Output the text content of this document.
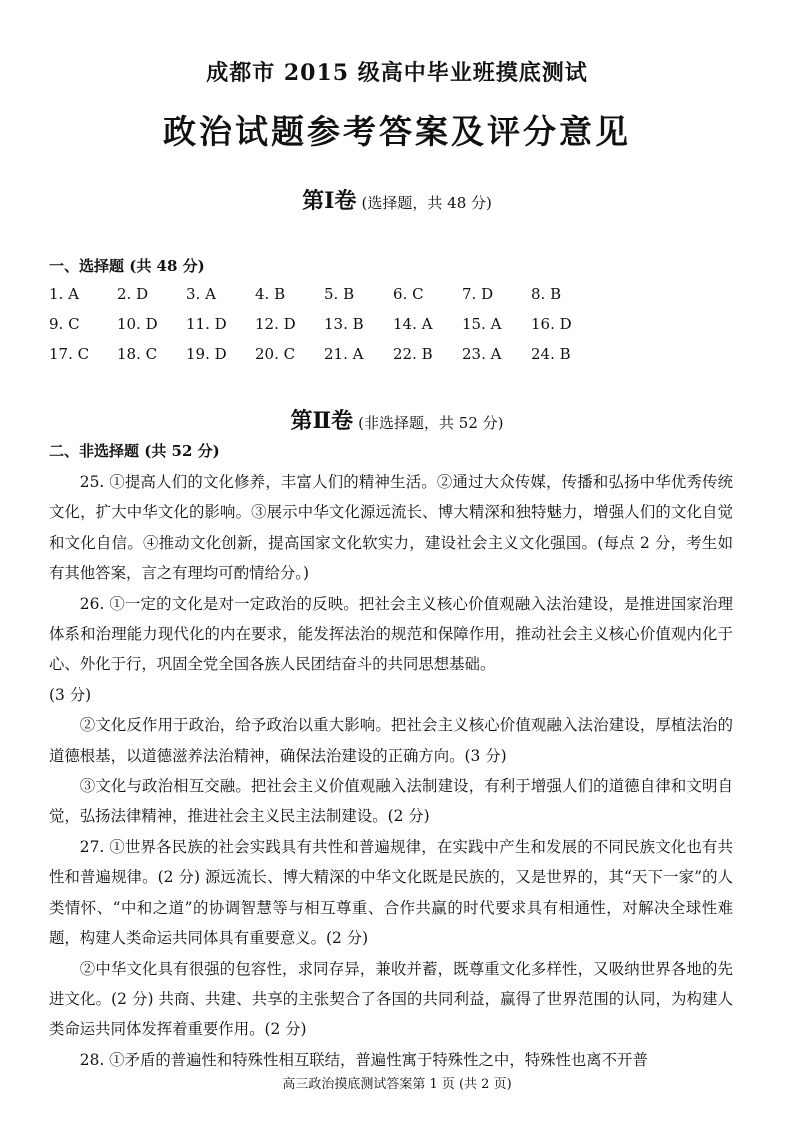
成都市 2015 级高中毕业班摸底测试
政治试题参考答案及评分意见
第Ⅰ卷 (选择题，共 48 分)
一、选择题 (共 48 分)
1. A	2. D	3. A	4. B	5. B	6. C	7. D	8. B
9. C 10. D 11. D 12. D 13. B 14. A 15. A 16. D
17. C 18. C 19. D 20. C 21. A 22. B 23. A 24. B
第Ⅱ卷 (非选择题，共 52 分)
二、非选择题 (共 52 分)

25. ①提高人们的文化修养，丰富人们的精神生活。②通过大众传媒，传播和弘扬中华优秀传统文化，扩大中华文化的影响。③展示中华文化源远流长、博大精深和独特魅力，增强人们的文化自觉和文化自信。④推动文化创新，提高国家文化软实力，建设社会主义文化强国。(每点 2 分，考生如有其他答案，言之有理均可酌情给分。)

26. ①一定的文化是对一定政治的反映。把社会主义核心价值观融入法治建设，是推进国家治理体系和治理能力现代化的内在要求，能发挥法治的规范和保障作用，推动社会主义核心价值观内化于心、外化于行，巩固全党全国各族人民团结奋斗的共同思想基础。

(3 分)

②文化反作用于政治，给予政治以重大影响。把社会主义核心价值观融入法治建设，厚植法治的道德根基，以道德滋养法治精神，确保法治建设的正确方向。(3 分)

③文化与政治相互交融。把社会主义价值观融入法制建设，有利于增强人们的道德自律和文明自觉，弘扬法律精神，推进社会主义民主法制建设。(2 分)

27. ①世界各民族的社会实践具有共性和普遍规律，在实践中产生和发展的不同民族文化也有共性和普遍规律。(2 分) 源远流长、博大精深的中华文化既是民族的，又是世界的，其“天下一家”的人类情怀、“中和之道”的协调智慧等与相互尊重、合作共赢的时代要求具有相通性，对解决全球性难题，构建人类命运共同体具有重要意义。(2 分)

②中华文化具有很强的包容性，求同存异，兼收并蓄，既尊重文化多样性，又吸纳世界各地的先进文化。(2 分) 共商、共建、共享的主张契合了各国的共同利益，赢得了世界范围的认同，为构建人类命运共同体发挥着重要作用。(2 分)

28. ①矛盾的普遍性和特殊性相互联结，普遍性寓于特殊性之中，特殊性也离不开普

高三政治摸底测试答案第 1 页 (共 2 页)
